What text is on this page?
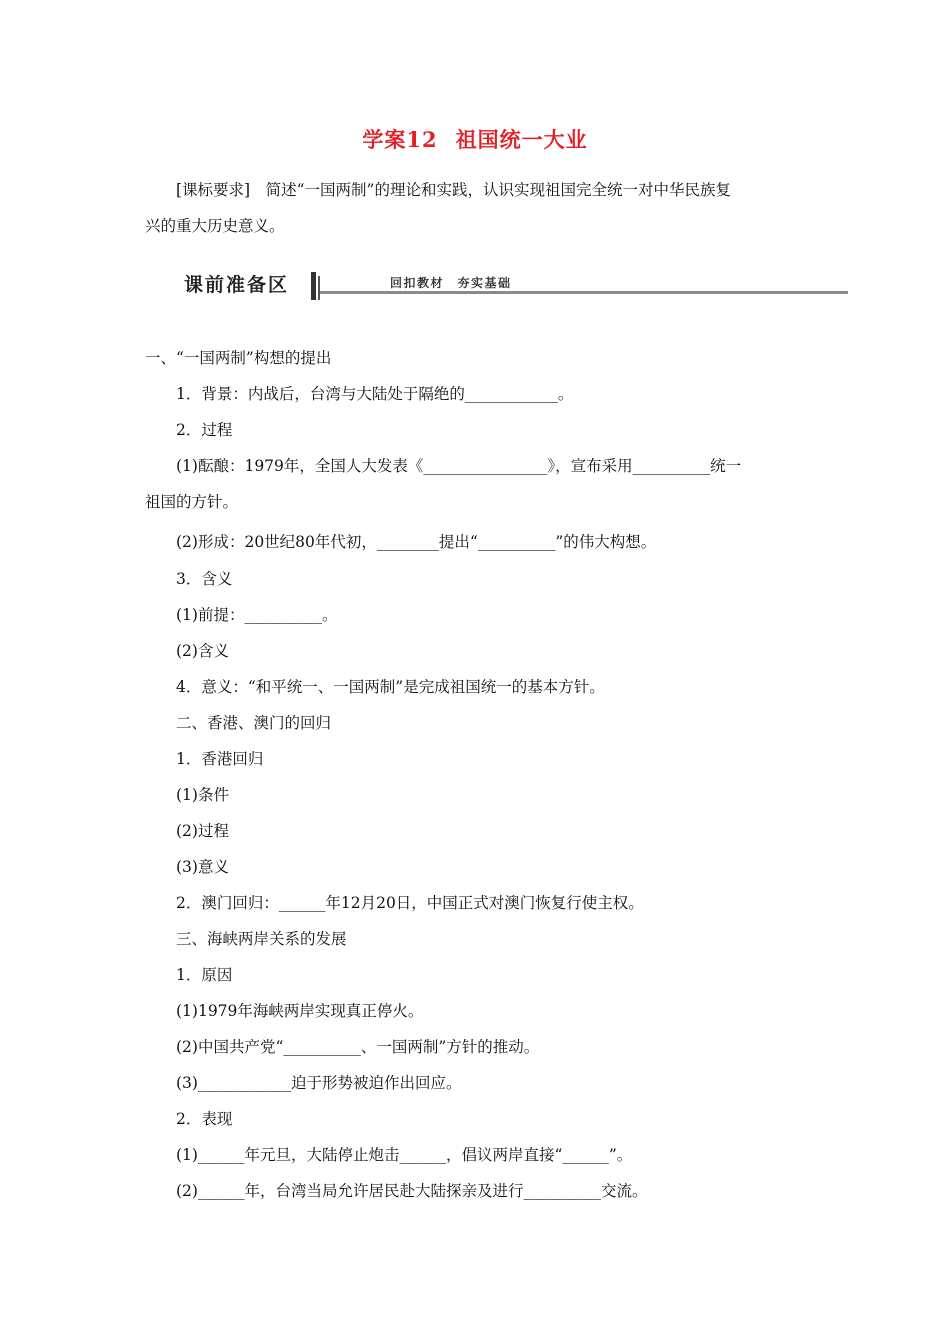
学案12 祖国统一大业
[课标要求]　简述“一国两制”的理论和实践，认识实现祖国完全统一对中华民族复
兴的重大历史意义。
课前准备区	回扣教材　夯实基础
一、“一国两制”构想的提出
1．背景：内战后，台湾与大陆处于隔绝的____________。
2．过程
(1)酝酿：1979年，全国人大发表《________________》，宣布采用__________统一
祖国的方针。
(2)形成：20世纪80年代初，________提出“__________”的伟大构想。
3．含义
(1)前提：__________。
(2)含义
4．意义：“和平统一、一国两制”是完成祖国统一的基本方针。
二、香港、澳门的回归
1．香港回归
(1)条件
(2)过程
(3)意义
2．澳门回归：______年12月20日，中国正式对澳门恢复行使主权。
三、海峡两岸关系的发展
1．原因
(1)1979年海峡两岸实现真正停火。
(2)中国共产党“__________、一国两制”方针的推动。
(3)____________迫于形势被迫作出回应。
2．表现
(1)______年元旦，大陆停止炮击______，倡议两岸直接“______”。
(2)______年，台湾当局允许居民赴大陆探亲及进行__________交流。
